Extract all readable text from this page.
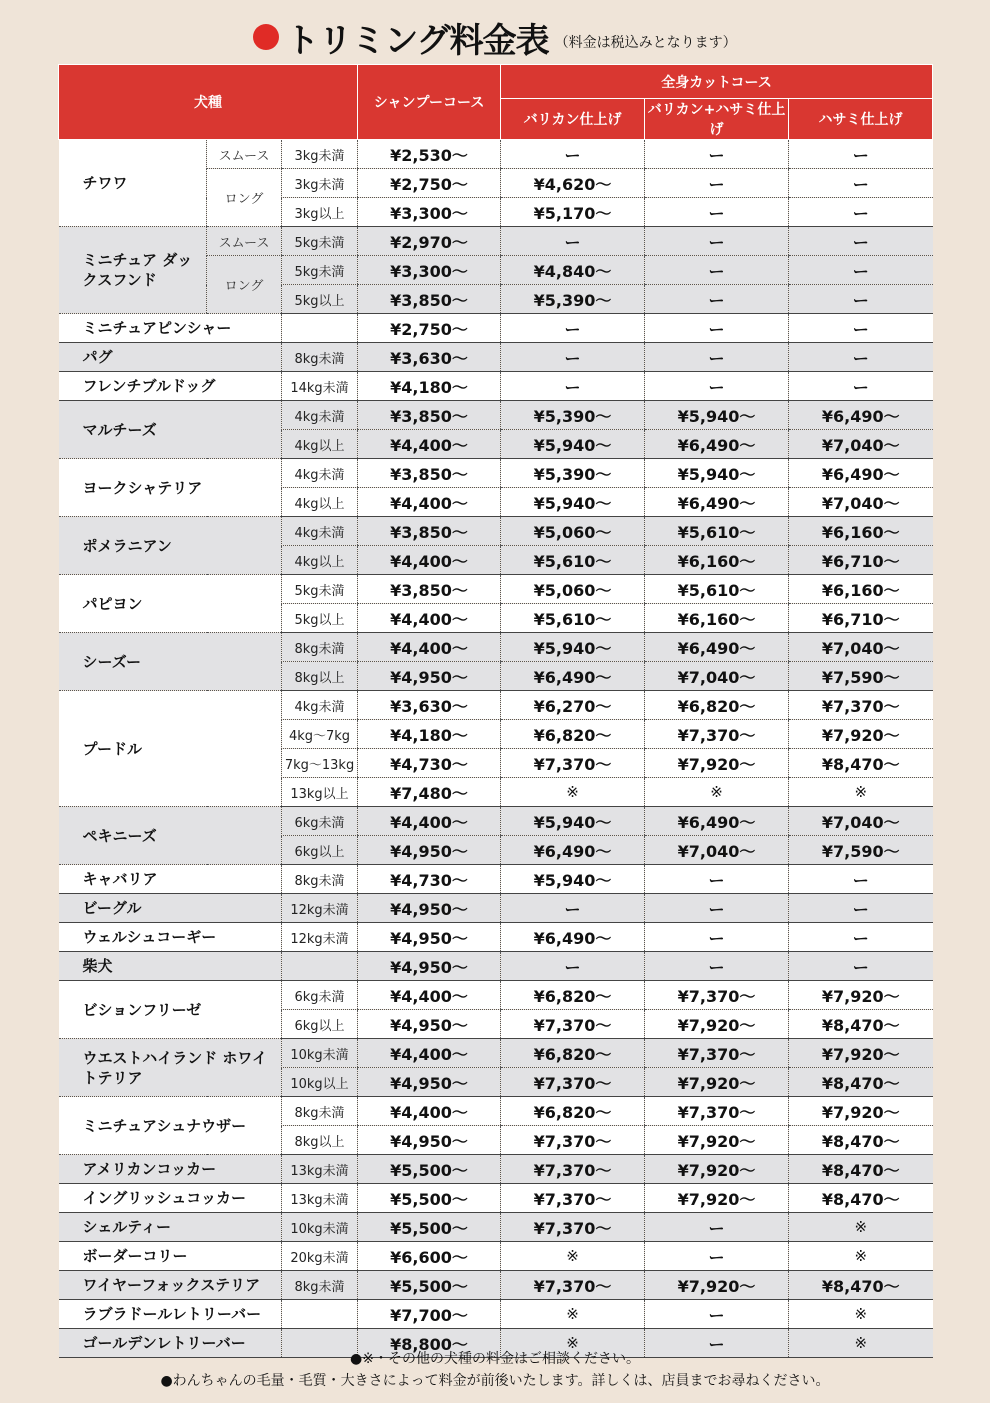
トリミング料金表 （料金は税込みとなります）
犬種			シャンプーコース	全身カットコース		
				バリカン仕上げ	バリカン+ハサミ仕上げ	ハサミ仕上げ
チワワ	スムース	3kg未満	¥2,530〜	ー	ー	ー
	ロング	3kg未満	¥2,750〜	¥4,620〜	ー	ー
		3kg以上	¥3,300〜	¥5,170〜	ー	ー
ミニチュア ダックスフンド	スムース	5kg未満	¥2,970〜	ー	ー	ー
	ロング	5kg未満	¥3,300〜	¥4,840〜	ー	ー
		5kg以上	¥3,850〜	¥5,390〜	ー	ー
ミニチュアピンシャー			¥2,750〜	ー	ー	ー
パグ		8kg未満	¥3,630〜	ー	ー	ー
フレンチブルドッグ		14kg未満	¥4,180〜	ー	ー	ー
マルチーズ		4kg未満	¥3,850〜	¥5,390〜	¥5,940〜	¥6,490〜
		4kg以上	¥4,400〜	¥5,940〜	¥6,490〜	¥7,040〜
ヨークシャテリア		4kg未満	¥3,850〜	¥5,390〜	¥5,940〜	¥6,490〜
		4kg以上	¥4,400〜	¥5,940〜	¥6,490〜	¥7,040〜
ポメラニアン		4kg未満	¥3,850〜	¥5,060〜	¥5,610〜	¥6,160〜
		4kg以上	¥4,400〜	¥5,610〜	¥6,160〜	¥6,710〜
パピヨン		5kg未満	¥3,850〜	¥5,060〜	¥5,610〜	¥6,160〜
		5kg以上	¥4,400〜	¥5,610〜	¥6,160〜	¥6,710〜
シーズー		8kg未満	¥4,400〜	¥5,940〜	¥6,490〜	¥7,040〜
		8kg以上	¥4,950〜	¥6,490〜	¥7,040〜	¥7,590〜
プードル		4kg未満	¥3,630〜	¥6,270〜	¥6,820〜	¥7,370〜
		4kg〜7kg	¥4,180〜	¥6,820〜	¥7,370〜	¥7,920〜
		7kg〜13kg	¥4,730〜	¥7,370〜	¥7,920〜	¥8,470〜
		13kg以上	¥7,480〜	※	※	※
ペキニーズ		6kg未満	¥4,400〜	¥5,940〜	¥6,490〜	¥7,040〜
		6kg以上	¥4,950〜	¥6,490〜	¥7,040〜	¥7,590〜
キャバリア		8kg未満	¥4,730〜	¥5,940〜	ー	ー
ビーグル		12kg未満	¥4,950〜	ー	ー	ー
ウェルシュコーギー		12kg未満	¥4,950〜	¥6,490〜	ー	ー
柴犬			¥4,950〜	ー	ー	ー
ビションフリーゼ		6kg未満	¥4,400〜	¥6,820〜	¥7,370〜	¥7,920〜
		6kg以上	¥4,950〜	¥7,370〜	¥7,920〜	¥8,470〜
ウエストハイランド ホワイトテリア		10kg未満	¥4,400〜	¥6,820〜	¥7,370〜	¥7,920〜
		10kg以上	¥4,950〜	¥7,370〜	¥7,920〜	¥8,470〜
ミニチュアシュナウザー		8kg未満	¥4,400〜	¥6,820〜	¥7,370〜	¥7,920〜
		8kg以上	¥4,950〜	¥7,370〜	¥7,920〜	¥8,470〜
アメリカンコッカー		13kg未満	¥5,500〜	¥7,370〜	¥7,920〜	¥8,470〜
イングリッシュコッカー		13kg未満	¥5,500〜	¥7,370〜	¥7,920〜	¥8,470〜
シェルティー		10kg未満	¥5,500〜	¥7,370〜	ー	※
ボーダーコリー		20kg未満	¥6,600〜	※	ー	※
ワイヤーフォックステリア		8kg未満	¥5,500〜	¥7,370〜	¥7,920〜	¥8,470〜
ラブラドールレトリーバー			¥7,700〜	※	ー	※
ゴールデンレトリーバー			¥8,800〜	※	ー	※
●※・その他の犬種の料金はご相談ください。
●わんちゃんの毛量・毛質・大きさによって料金が前後いたします。詳しくは、店員までお尋ねください。
